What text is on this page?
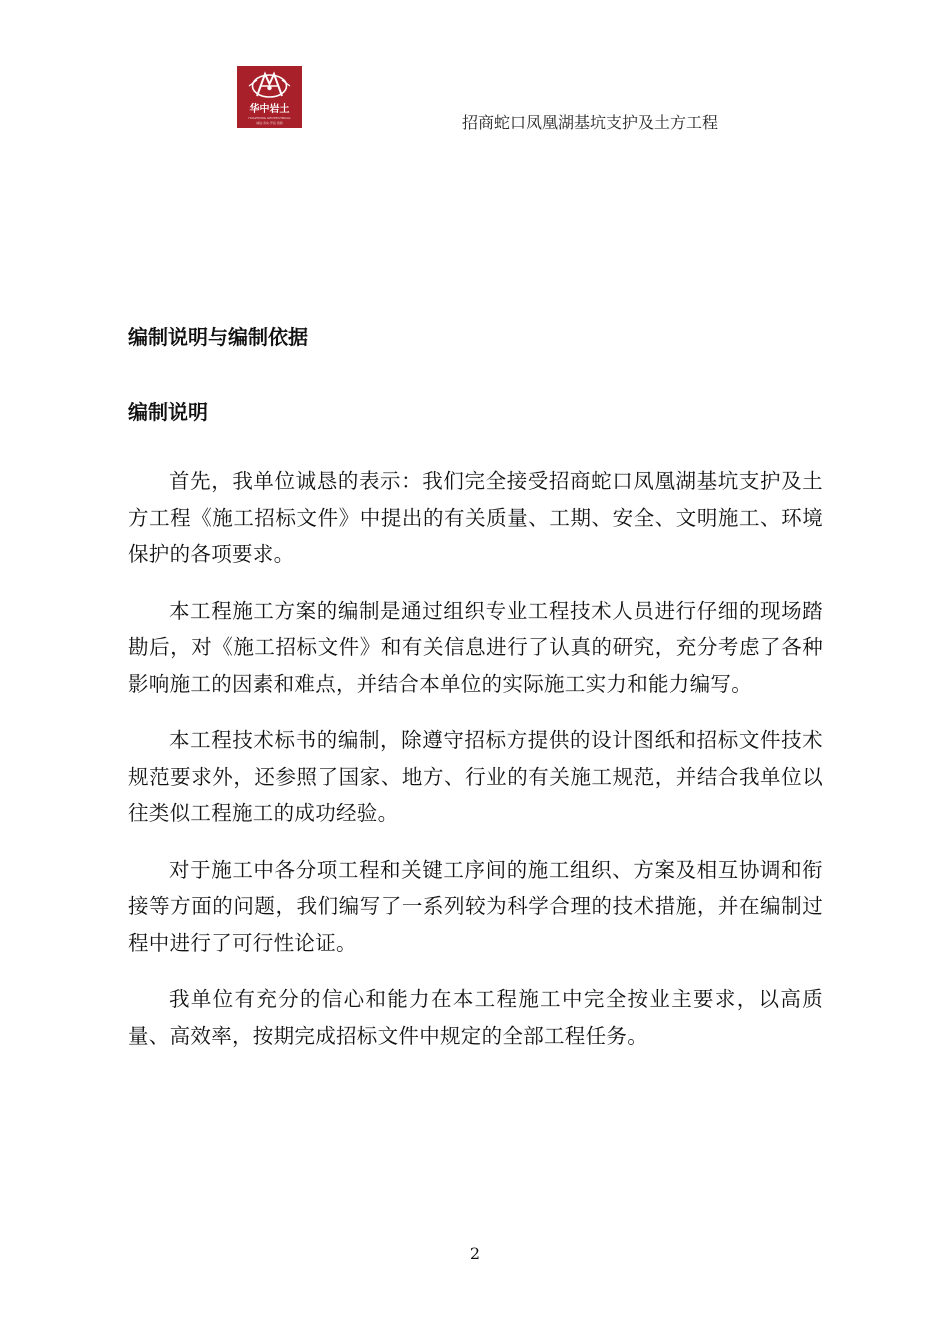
华中岩土
HUAZHONG GEOTECHNICAL
诚信·务实·开拓·创新	招商蛇口凤凰湖基坑支护及土方工程
编制说明与编制依据
编制说明

首先，我单位诚恳的表示：我们完全接受招商蛇口凤凰湖基坑支护及土方工程《施工招标文件》中提出的有关质量、工期、安全、文明施工、环境保护的各项要求。

本工程施工方案的编制是通过组织专业工程技术人员进行仔细的现场踏勘后，对《施工招标文件》和有关信息进行了认真的研究，充分考虑了各种影响施工的因素和难点，并结合本单位的实际施工实力和能力编写。

本工程技术标书的编制，除遵守招标方提供的设计图纸和招标文件技术规范要求外，还参照了国家、地方、行业的有关施工规范，并结合我单位以往类似工程施工的成功经验。

对于施工中各分项工程和关键工序间的施工组织、方案及相互协调和衔接等方面的问题，我们编写了一系列较为科学合理的技术措施，并在编制过程中进行了可行性论证。

我单位有充分的信心和能力在本工程施工中完全按业主要求，以高质量、高效率，按期完成招标文件中规定的全部工程任务。

2
